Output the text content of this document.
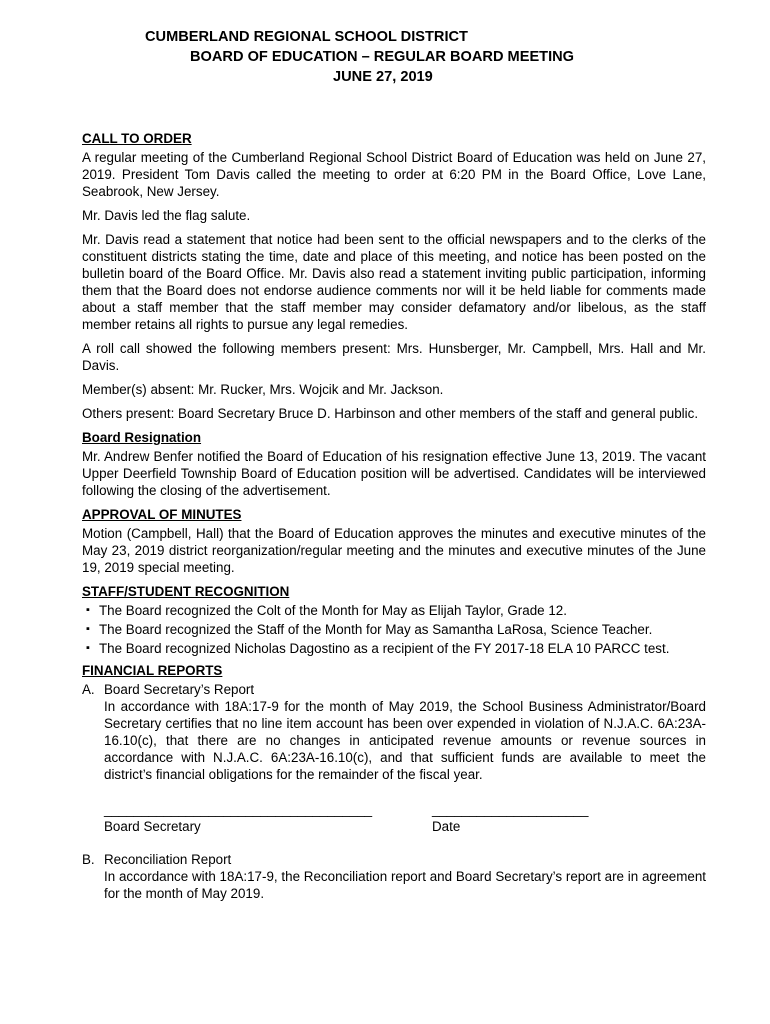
CUMBERLAND REGIONAL SCHOOL DISTRICT
BOARD OF EDUCATION – REGULAR BOARD MEETING
JUNE 27, 2019
CALL TO ORDER

A regular meeting of the Cumberland Regional School District Board of Education was held on June 27, 2019. President Tom Davis called the meeting to order at 6:20 PM in the Board Office, Love Lane, Seabrook, New Jersey.

Mr. Davis led the flag salute.

Mr. Davis read a statement that notice had been sent to the official newspapers and to the clerks of the constituent districts stating the time, date and place of this meeting, and notice has been posted on the bulletin board of the Board Office. Mr. Davis also read a statement inviting public participation, informing them that the Board does not endorse audience comments nor will it be held liable for comments made about a staff member that the staff member may consider defamatory and/or libelous, as the staff member retains all rights to pursue any legal remedies.

A roll call showed the following members present: Mrs. Hunsberger, Mr. Campbell, Mrs. Hall and Mr. Davis.

Member(s) absent: Mr. Rucker, Mrs. Wojcik and Mr. Jackson.

Others present: Board Secretary Bruce D. Harbinson and other members of the staff and general public.

Board Resignation

Mr. Andrew Benfer notified the Board of Education of his resignation effective June 13, 2019. The vacant Upper Deerfield Township Board of Education position will be advertised. Candidates will be interviewed following the closing of the advertisement.

APPROVAL OF MINUTES

Motion (Campbell, Hall) that the Board of Education approves the minutes and executive minutes of the May 23, 2019 district reorganization/regular meeting and the minutes and executive minutes of the June 19, 2019 special meeting.

STAFF/STUDENT RECOGNITION
▪ The Board recognized the Colt of the Month for May as Elijah Taylor, Grade 12.
▪ The Board recognized the Staff of the Month for May as Samantha LaRosa, Science Teacher.
▪ The Board recognized Nicholas Dagostino as a recipient of the FY 2017-18 ELA 10 PARCC test.
FINANCIAL REPORTS
A. Board Secretary’s Report

In accordance with 18A:17-9 for the month of May 2019, the School Business Administrator/Board Secretary certifies that no line item account has been over expended in violation of N.J.A.C. 6A:23A-16.10(c), that there are no changes in anticipated revenue amounts or revenue sources in accordance with N.J.A.C. 6A:23A-16.10(c), and that sufficient funds are available to meet the district’s financial obligations for the remainder of the fiscal year.

____________________________________
Board Secretary
_____________________
Date
B. Reconciliation Report

In accordance with 18A:17-9, the Reconciliation report and Board Secretary’s report are in agreement for the month of May 2019.
